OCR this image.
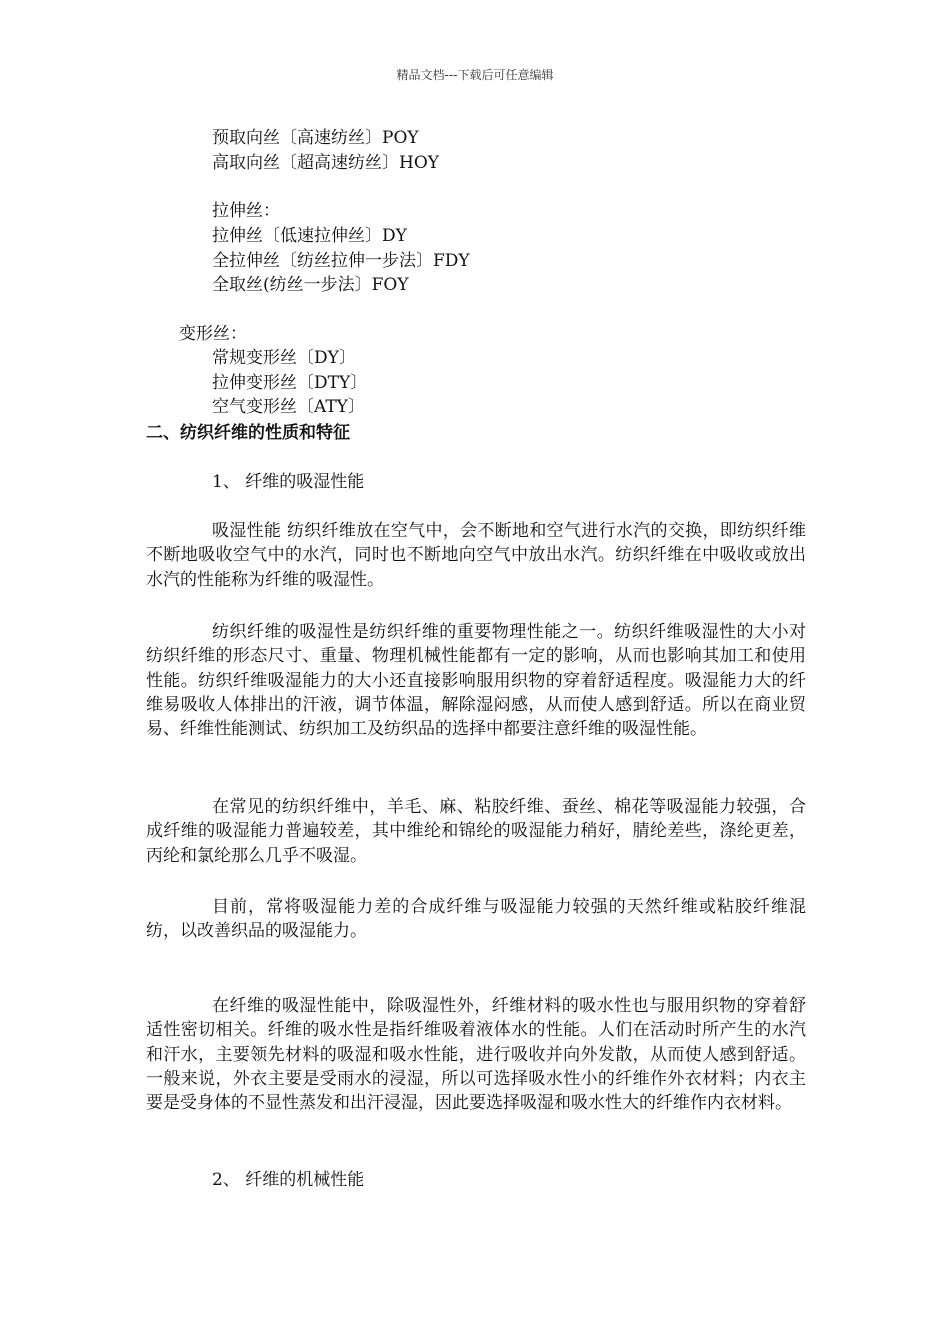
精品文档---下载后可任意编辑
预取向丝〔高速纺丝〕POY
高取向丝〔超高速纺丝〕HOY
拉伸丝：
拉伸丝〔低速拉伸丝〕DY
全拉伸丝〔纺丝拉伸一步法〕FDY
全取丝(纺丝一步法〕FOY
变形丝：
常规变形丝〔DY〕
拉伸变形丝〔DTY〕
空气变形丝〔ATY〕
二、纺织纤维的性质和特征
1、 纤维的吸湿性能
吸湿性能 纺织纤维放在空气中，会不断地和空气进行水汽的交换，即纺织纤维不断地吸收空气中的水汽，同时也不断地向空气中放出水汽。纺织纤维在中吸收或放出水汽的性能称为纤维的吸湿性。
纺织纤维的吸湿性是纺织纤维的重要物理性能之一。纺织纤维吸湿性的大小对纺织纤维的形态尺寸、重量、物理机械性能都有一定的影响，从而也影响其加工和使用性能。纺织纤维吸湿能力的大小还直接影响服用织物的穿着舒适程度。吸湿能力大的纤维易吸收人体排出的汗液，调节体温，解除湿闷感，从而使人感到舒适。所以在商业贸易、纤维性能测试、纺织加工及纺织品的选择中都要注意纤维的吸湿性能。
在常见的纺织纤维中，羊毛、麻、粘胶纤维、蚕丝、棉花等吸湿能力较强，合成纤维的吸湿能力普遍较差，其中维纶和锦纶的吸湿能力稍好，腈纶差些，涤纶更差，丙纶和氯纶那么几乎不吸湿。
目前，常将吸湿能力差的合成纤维与吸湿能力较强的天然纤维或粘胶纤维混纺，以改善织品的吸湿能力。
在纤维的吸湿性能中，除吸湿性外，纤维材料的吸水性也与服用织物的穿着舒适性密切相关。纤维的吸水性是指纤维吸着液体水的性能。人们在活动时所产生的水汽和汗水，主要领先材料的吸湿和吸水性能，进行吸收并向外发散，从而使人感到舒适。一般来说，外衣主要是受雨水的浸湿，所以可选择吸水性小的纤维作外衣材料；内衣主要是受身体的不显性蒸发和出汗浸湿，因此要选择吸湿和吸水性大的纤维作内衣材料。
2、 纤维的机械性能
